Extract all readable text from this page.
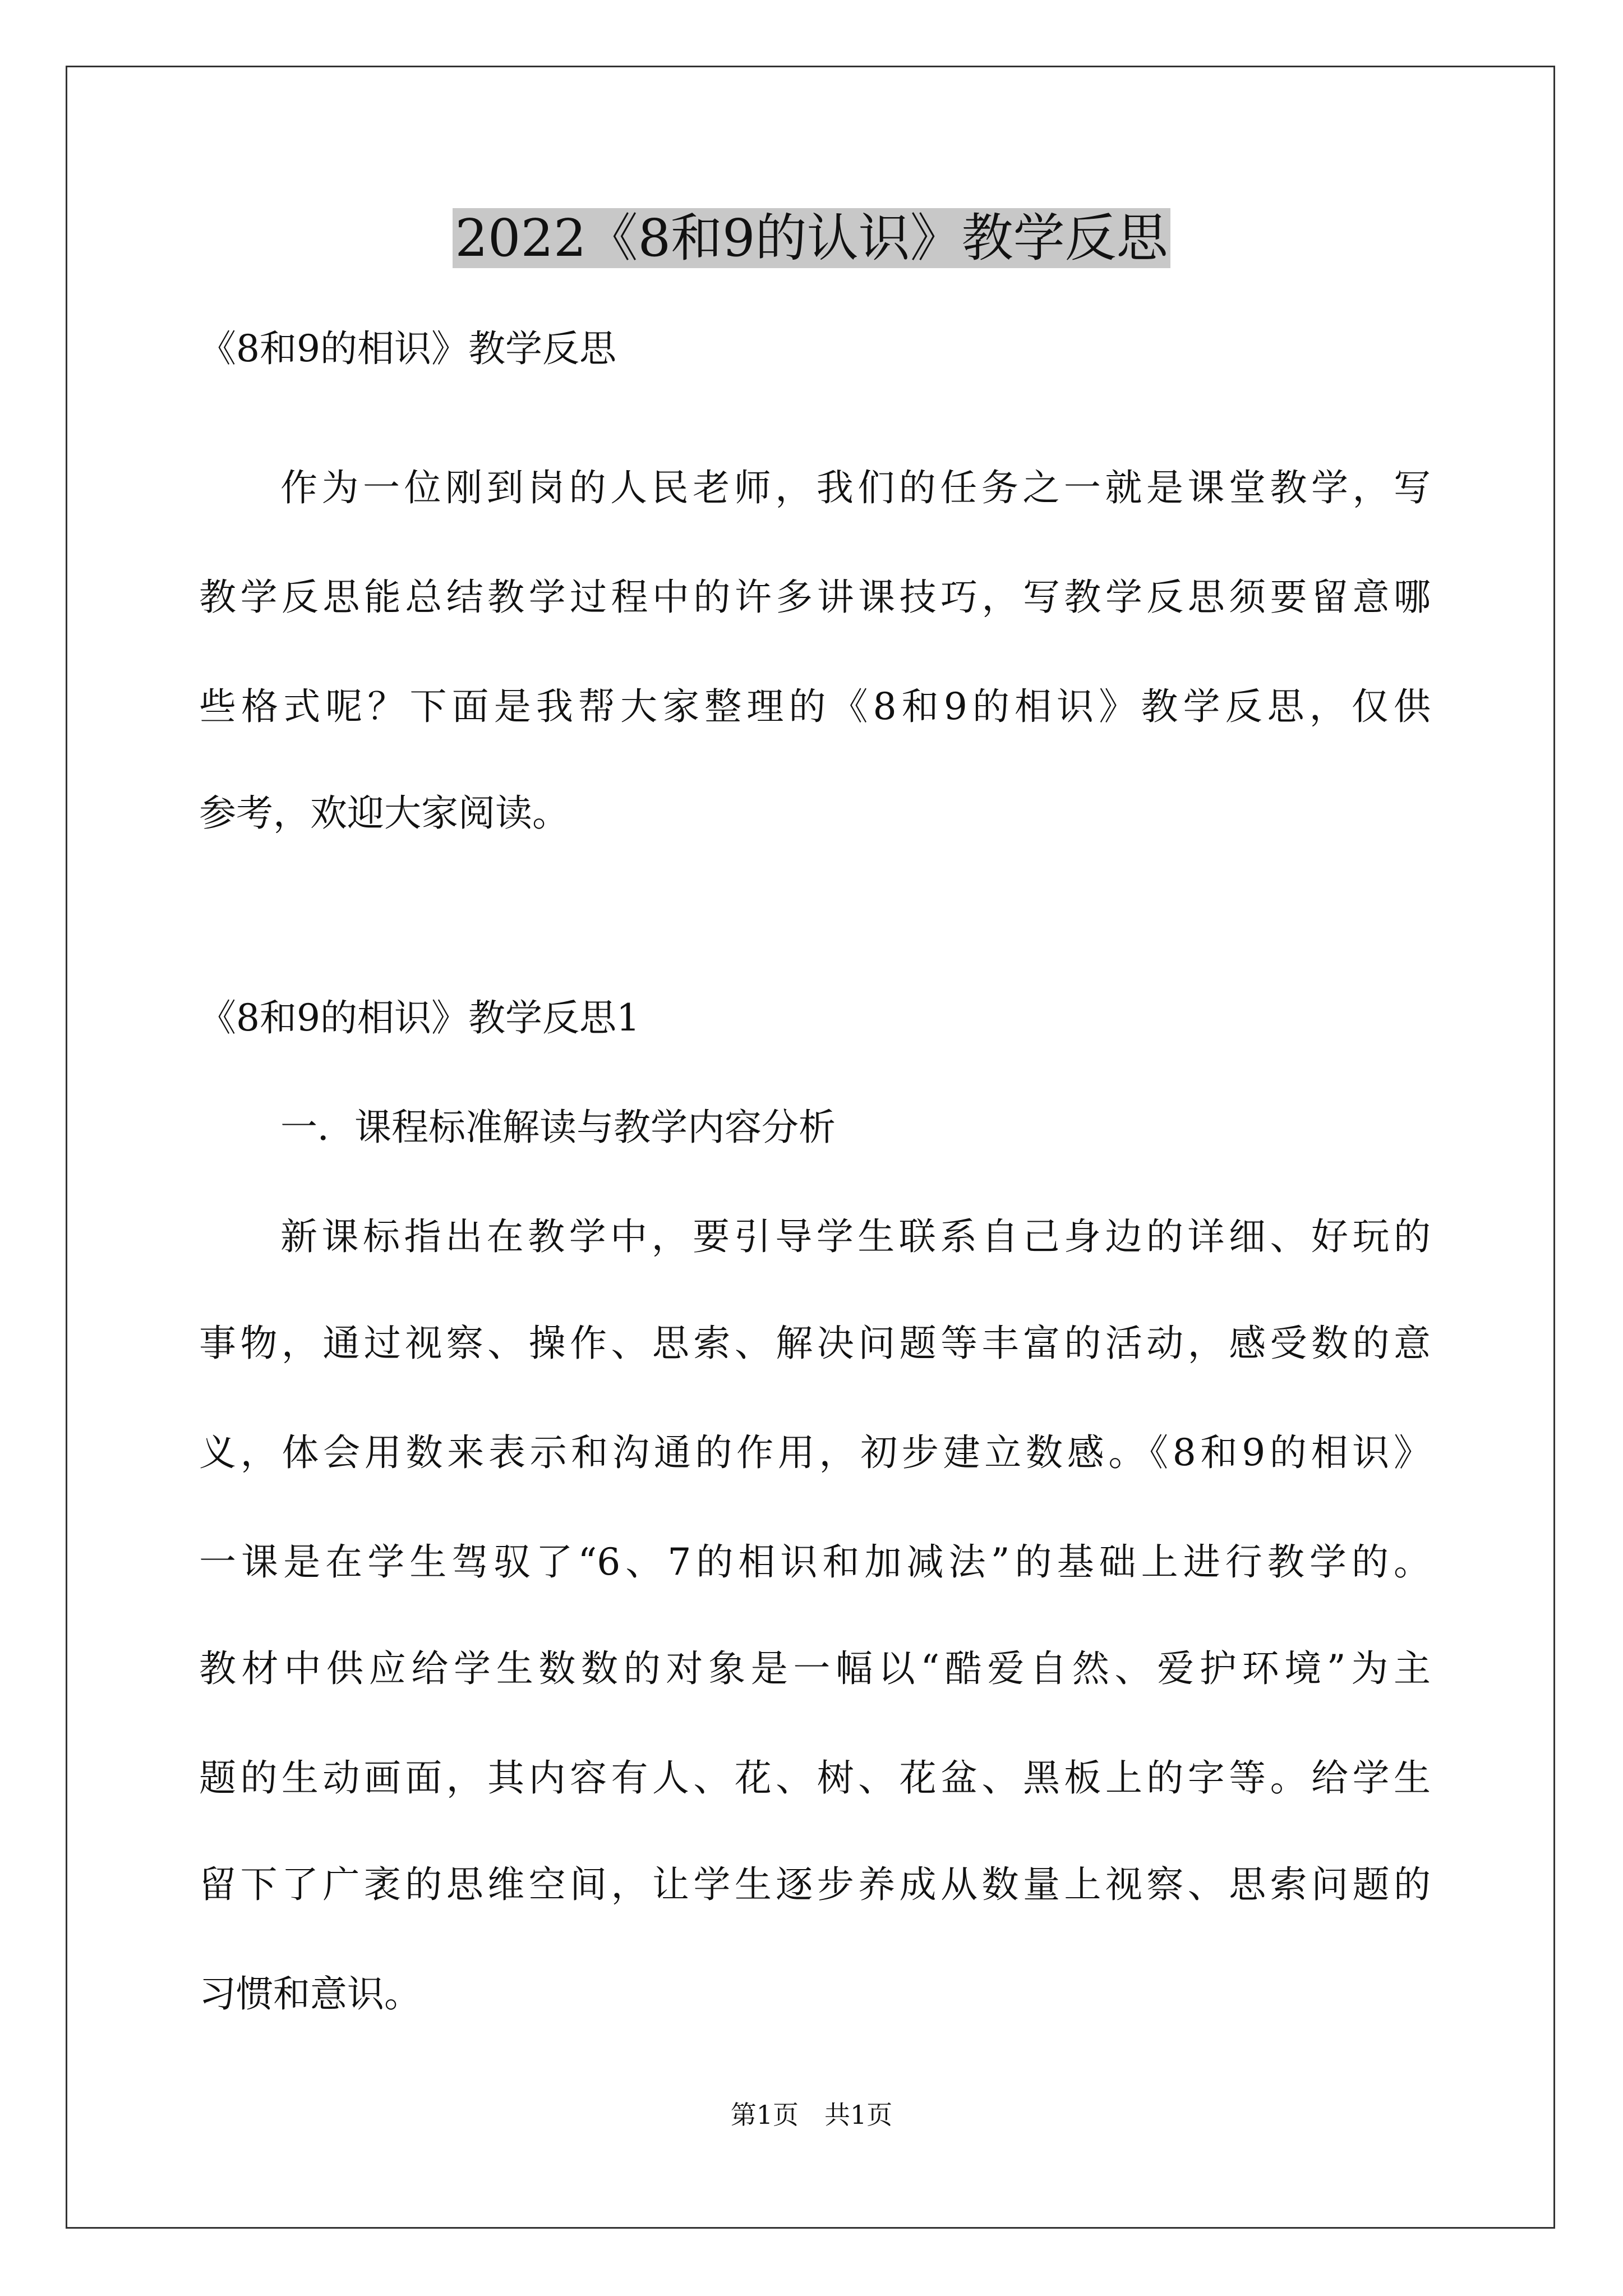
2022《8和9的认识》教学反思
《8和9的相识》教学反思
作为一位刚到岗的人民老师，我们的任务之一就是课堂教学，写
教学反思能总结教学过程中的许多讲课技巧，写教学反思须要留意哪
些格式呢？下面是我帮大家整理的《8和9的相识》教学反思，仅供
参考，欢迎大家阅读。
《8和9的相识》教学反思1
一．课程标准解读与教学内容分析
新课标指出在教学中，要引导学生联系自己身边的详细、好玩的
事物，通过视察、操作、思索、解决问题等丰富的活动，感受数的意
义，体会用数来表示和沟通的作用，初步建立数感。《8和9的相识》
一课是在学生驾驭了“6、7的相识和加减法”的基础上进行教学的。
教材中供应给学生数数的对象是一幅以“酷爱自然、爱护环境”为主
题的生动画面，其内容有人、花、树、花盆、黑板上的字等。给学生
留下了广袤的思维空间，让学生逐步养成从数量上视察、思索问题的
习惯和意识。
第1页　共1页
